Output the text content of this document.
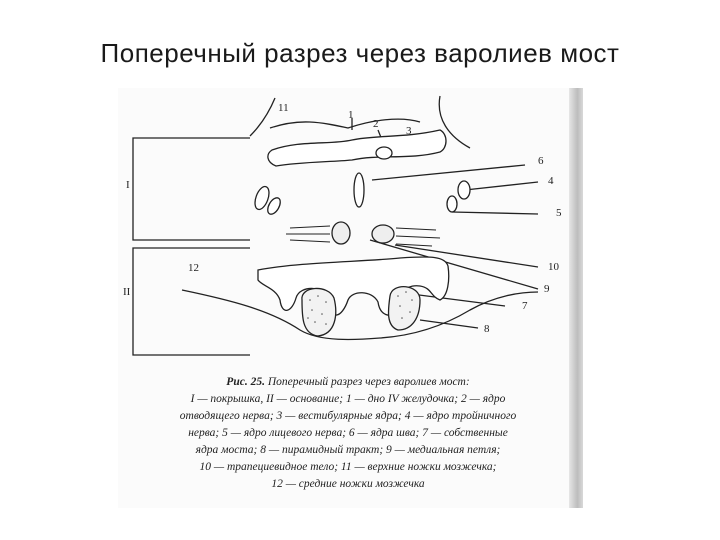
Поперечный разрез через варолиев мост
11
1
2
3
6
4
5
10
9
7
8
12
I
II
Рис. 25. Поперечный разрез через варолиев мост:
I — покрышка, II — основание; 1 — дно IV желудочка; 2 — ядро
отводящего нерва; 3 — вестибулярные ядра; 4 — ядро тройничного
нерва; 5 — ядро лицевого нерва; 6 — ядра шва; 7 — собственные
ядра моста; 8 — пирамидный тракт; 9 — медиальная петля;
10 — трапециевидное тело; 11 — верхние ножки мозжечка;
12 — средние ножки мозжечка
